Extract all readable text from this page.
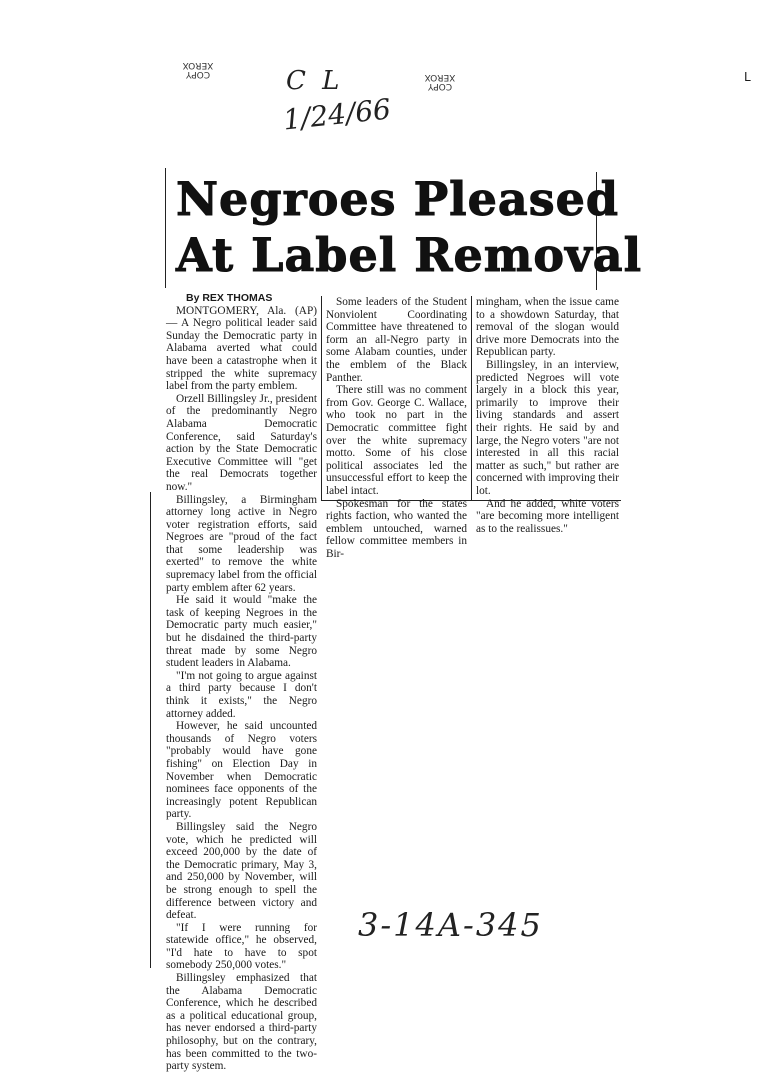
COPY
XEROX
COPY
XEROX	L
C L
1/24/66
3-14A-345
Negroes Pleased
At Label Removal

By REX THOMAS

MONTGOMERY, Ala. (AP) — A Negro political leader said Sunday the Democratic party in Alabama averted what could have been a catastrophe when it stripped the white supremacy label from the party emblem.

Orzell Billingsley Jr., president of the predominantly Negro Alabama Democratic Conference, said Saturday's action by the State Democratic Executive Committee will "get the real Democrats together now."

Billingsley, a Birmingham attorney long active in Negro voter registration efforts, said Negroes are "proud of the fact that some leadership was exerted" to remove the white supremacy label from the official party emblem after 62 years.

He said it would "make the task of keeping Negroes in the Democratic party much easier," but he disdained the third-party threat made by some Negro student leaders in Alabama.

"I'm not going to argue against a third party because I don't think it exists," the Negro attorney added.

However, he said uncounted thousands of Negro voters "probably would have gone fishing" on Election Day in November when Democratic nominees face opponents of the increasingly potent Republican party.

Billingsley said the Negro vote, which he predicted will exceed 200,000 by the date of the Democratic primary, May 3, and 250,000 by November, will be strong enough to spell the difference between victory and defeat.

"If I were running for statewide office," he observed, "I'd hate to have to spot somebody 250,000 votes."

Billingsley emphasized that the Alabama Democratic Conference, which he described as a political educational group, has never endorsed a third-party philosophy, but on the contrary, has been committed to the two-party system.

Some leaders of the Student Nonviolent Coordinating Committee have threatened to form an all-Negro party in some Alabam counties, under the emblem of the Black Panther.

There still was no comment from Gov. George C. Wallace, who took no part in the Democratic committee fight over the white supremacy motto. Some of his close political associates led the unsuccessful effort to keep the label intact.

Spokesman for the states rights faction, who wanted the emblem untouched, warned fellow committee members in Bir-

mingham, when the issue came to a showdown Saturday, that removal of the slogan would drive more Democrats into the Republican party.

Billingsley, in an interview, predicted Negroes will vote largely in a block this year, primarily to improve their living standards and assert their rights. He said by and large, the Negro voters "are not interested in all this racial matter as such," but rather are concerned with improving their lot.

And he added, white voters "are becoming more intelligent as to the realissues."
